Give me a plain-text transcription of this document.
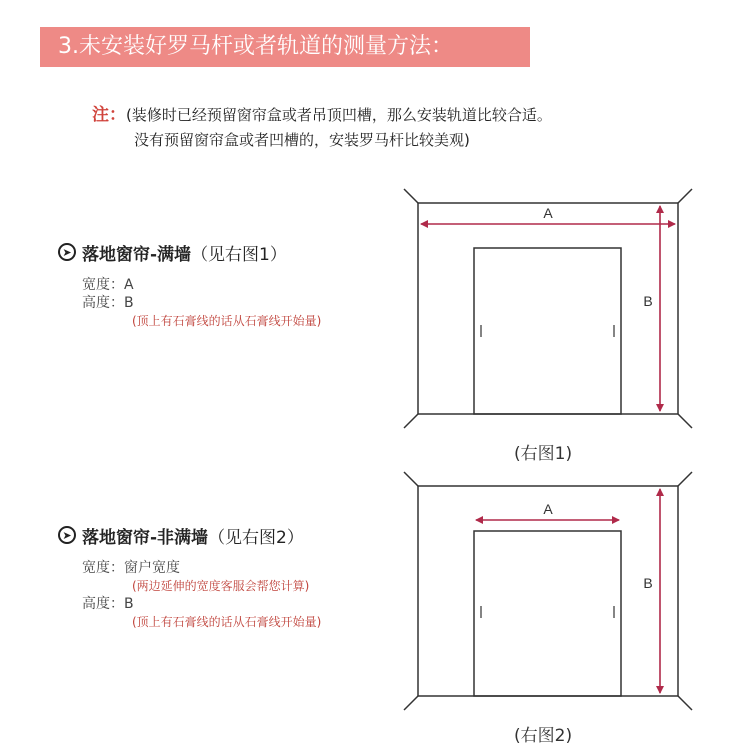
3.未安装好罗马杆或者轨道的测量方法：
注：(装修时已经预留窗帘盒或者吊顶凹槽，那么安装轨道比较合适。
没有预留窗帘盒或者凹槽的，安装罗马杆比较美观)
➤ 落地窗帘-满墙 （见右图1）
宽度：A
高度：B
(顶上有石膏线的话从石膏线开始量)
➤ 落地窗帘-非满墙 （见右图2）
宽度：窗户宽度
(两边延伸的宽度客服会帮您计算)
高度：B
(顶上有石膏线的话从石膏线开始量)
A
B
A
B
(右图1)
(右图2)
